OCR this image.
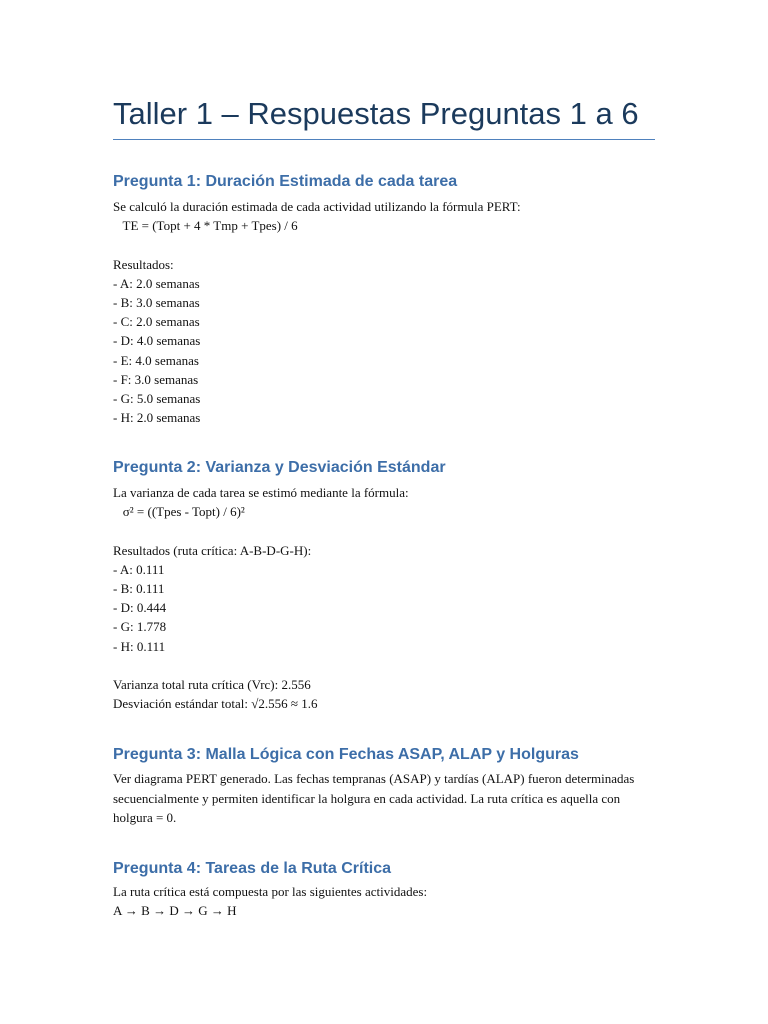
Taller 1 – Respuestas Preguntas 1 a 6
Pregunta 1: Duración Estimada de cada tarea

Se calculó la duración estimada de cada actividad utilizando la fórmula PERT:

TE = (Topt + 4 * Tmp + Tpes) / 6

Resultados:

- A: 2.0 semanas

- B: 3.0 semanas

- C: 2.0 semanas

- D: 4.0 semanas

- E: 4.0 semanas

- F: 3.0 semanas

- G: 5.0 semanas

- H: 2.0 semanas

Pregunta 2: Varianza y Desviación Estándar

La varianza de cada tarea se estimó mediante la fórmula:

σ² = ((Tpes - Topt) / 6)²

Resultados (ruta crítica: A-B-D-G-H):

- A: 0.111

- B: 0.111

- D: 0.444

- G: 1.778

- H: 0.111

Varianza total ruta crítica (Vrc): 2.556

Desviación estándar total: √2.556 ≈ 1.6

Pregunta 3: Malla Lógica con Fechas ASAP, ALAP y Holguras

Ver diagrama PERT generado. Las fechas tempranas (ASAP) y tardías (ALAP) fueron determinadas secuencialmente y permiten identificar la holgura en cada actividad. La ruta crítica es aquella con holgura = 0.

Pregunta 4: Tareas de la Ruta Crítica

La ruta crítica está compuesta por las siguientes actividades:

A → B → D → G → H
